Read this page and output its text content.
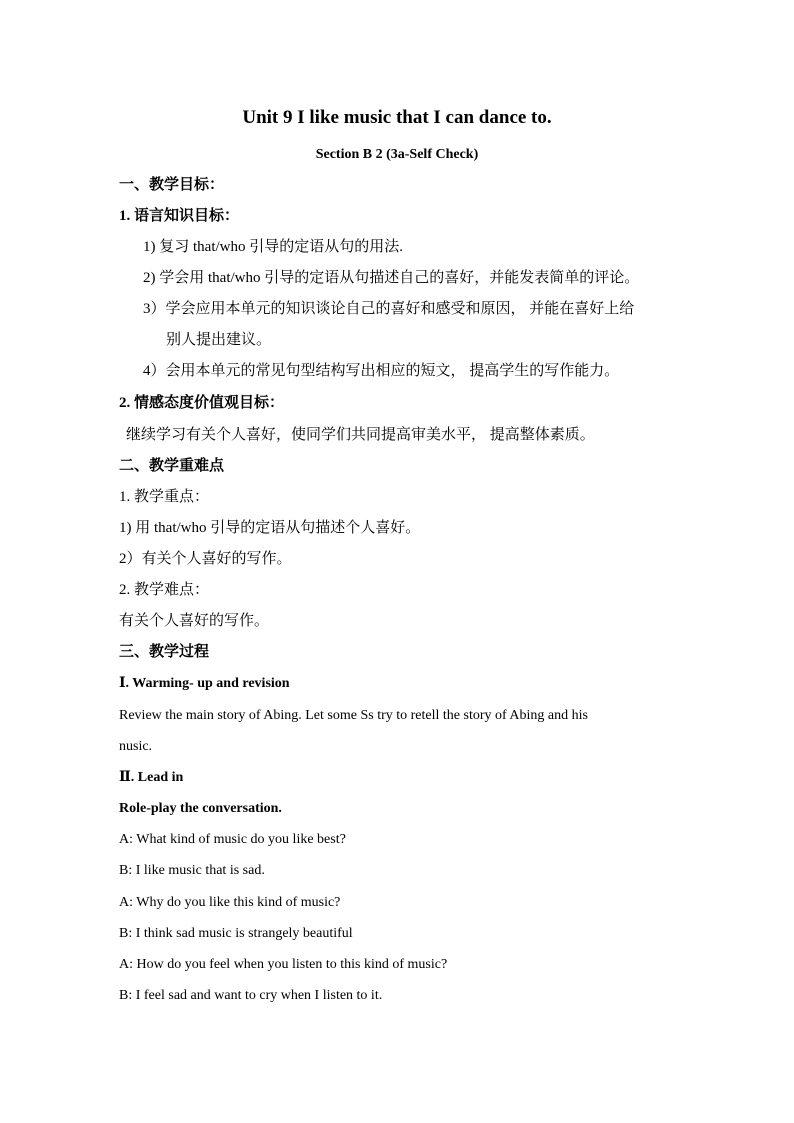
Unit 9 I like music that I can dance to.
Section B 2 (3a-Self Check)
一、教学目标：
1. 语言知识目标：
1) 复习 that/who 引导的定语从句的用法.
2) 学会用 that/who 引导的定语从句描述自己的喜好，并能发表简单的评论。
3）学会应用本单元的知识谈论自己的喜好和感受和原因， 并能在喜好上给
别人提出建议。
4）会用本单元的常见句型结构写出相应的短文， 提高学生的写作能力。
2. 情感态度价值观目标：
继续学习有关个人喜好，使同学们共同提高审美水平， 提高整体素质。
二、教学重难点
1. 教学重点：
1) 用 that/who 引导的定语从句描述个人喜好。
2）有关个人喜好的写作。
2. 教学难点：
有关个人喜好的写作。
三、教学过程
Ⅰ. Warming- up and revision
Review the main story of Abing. Let some Ss try to retell the story of Abing and his
nusic.
Ⅱ. Lead in
Role-play the conversation.
A: What kind of music do you like best?
B: I like music that is sad.
A: Why do you like this kind of music?
B: I think sad music is strangely beautiful
A: How do you feel when you listen to this kind of music?
B: I feel sad and want to cry when I listen to it.
